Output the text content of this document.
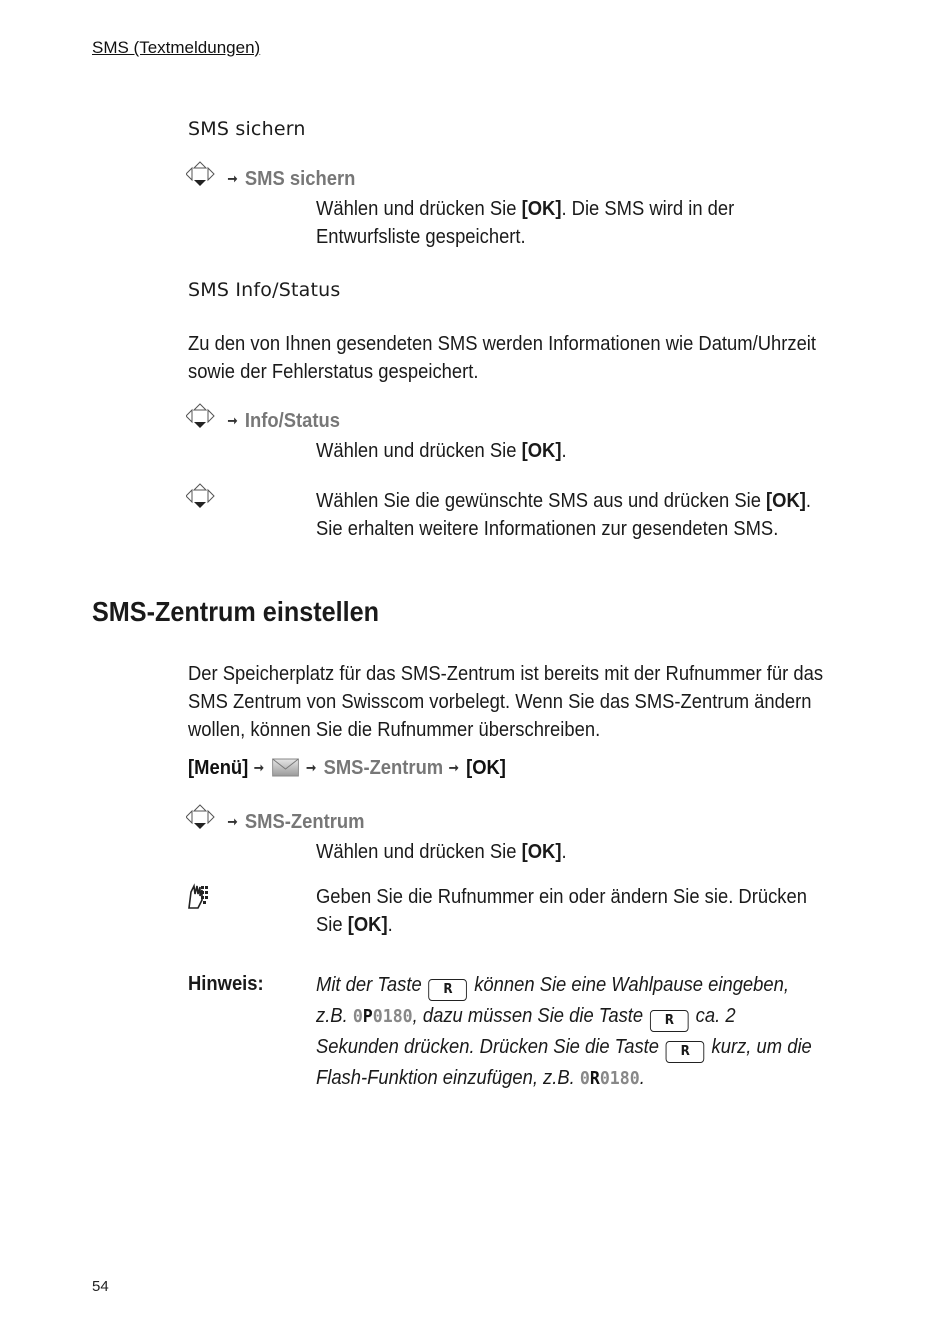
SMS (Textmeldungen)
SMS sichern
➞ SMS sichern
Wählen und drücken Sie [OK]. Die SMS wird in der
Entwurfsliste gespeichert.
SMS Info/Status
Zu den von Ihnen gesendeten SMS werden Informationen wie Datum/Uhrzeit
sowie der Fehlerstatus gespeichert.
➞ Info/Status
Wählen und drücken Sie [OK].
Wählen Sie die gewünschte SMS aus und drücken Sie [OK].
Sie erhalten weitere Informationen zur gesendeten SMS.
SMS-Zentrum einstellen
Der Speicherplatz für das SMS-Zentrum ist bereits mit der Rufnummer für das
SMS Zentrum von Swisscom vorbelegt. Wenn Sie das SMS-Zentrum ändern
wollen, können Sie die Rufnummer überschreiben.
[Menü] ➞	➞ SMS-Zentrum ➞ [OK]
➞ SMS-Zentrum
Wählen und drücken Sie [OK].
Geben Sie die Rufnummer ein oder ändern Sie sie. Drücken
Sie [OK].
Hinweis:	Mit der Taste R können Sie eine Wahlpause eingeben,
z.B. 0P0180, dazu müssen Sie die Taste R ca. 2
Sekunden drücken. Drücken Sie die Taste R kurz, um die
Flash-Funktion einzufügen, z.B. 0R0180.
54
